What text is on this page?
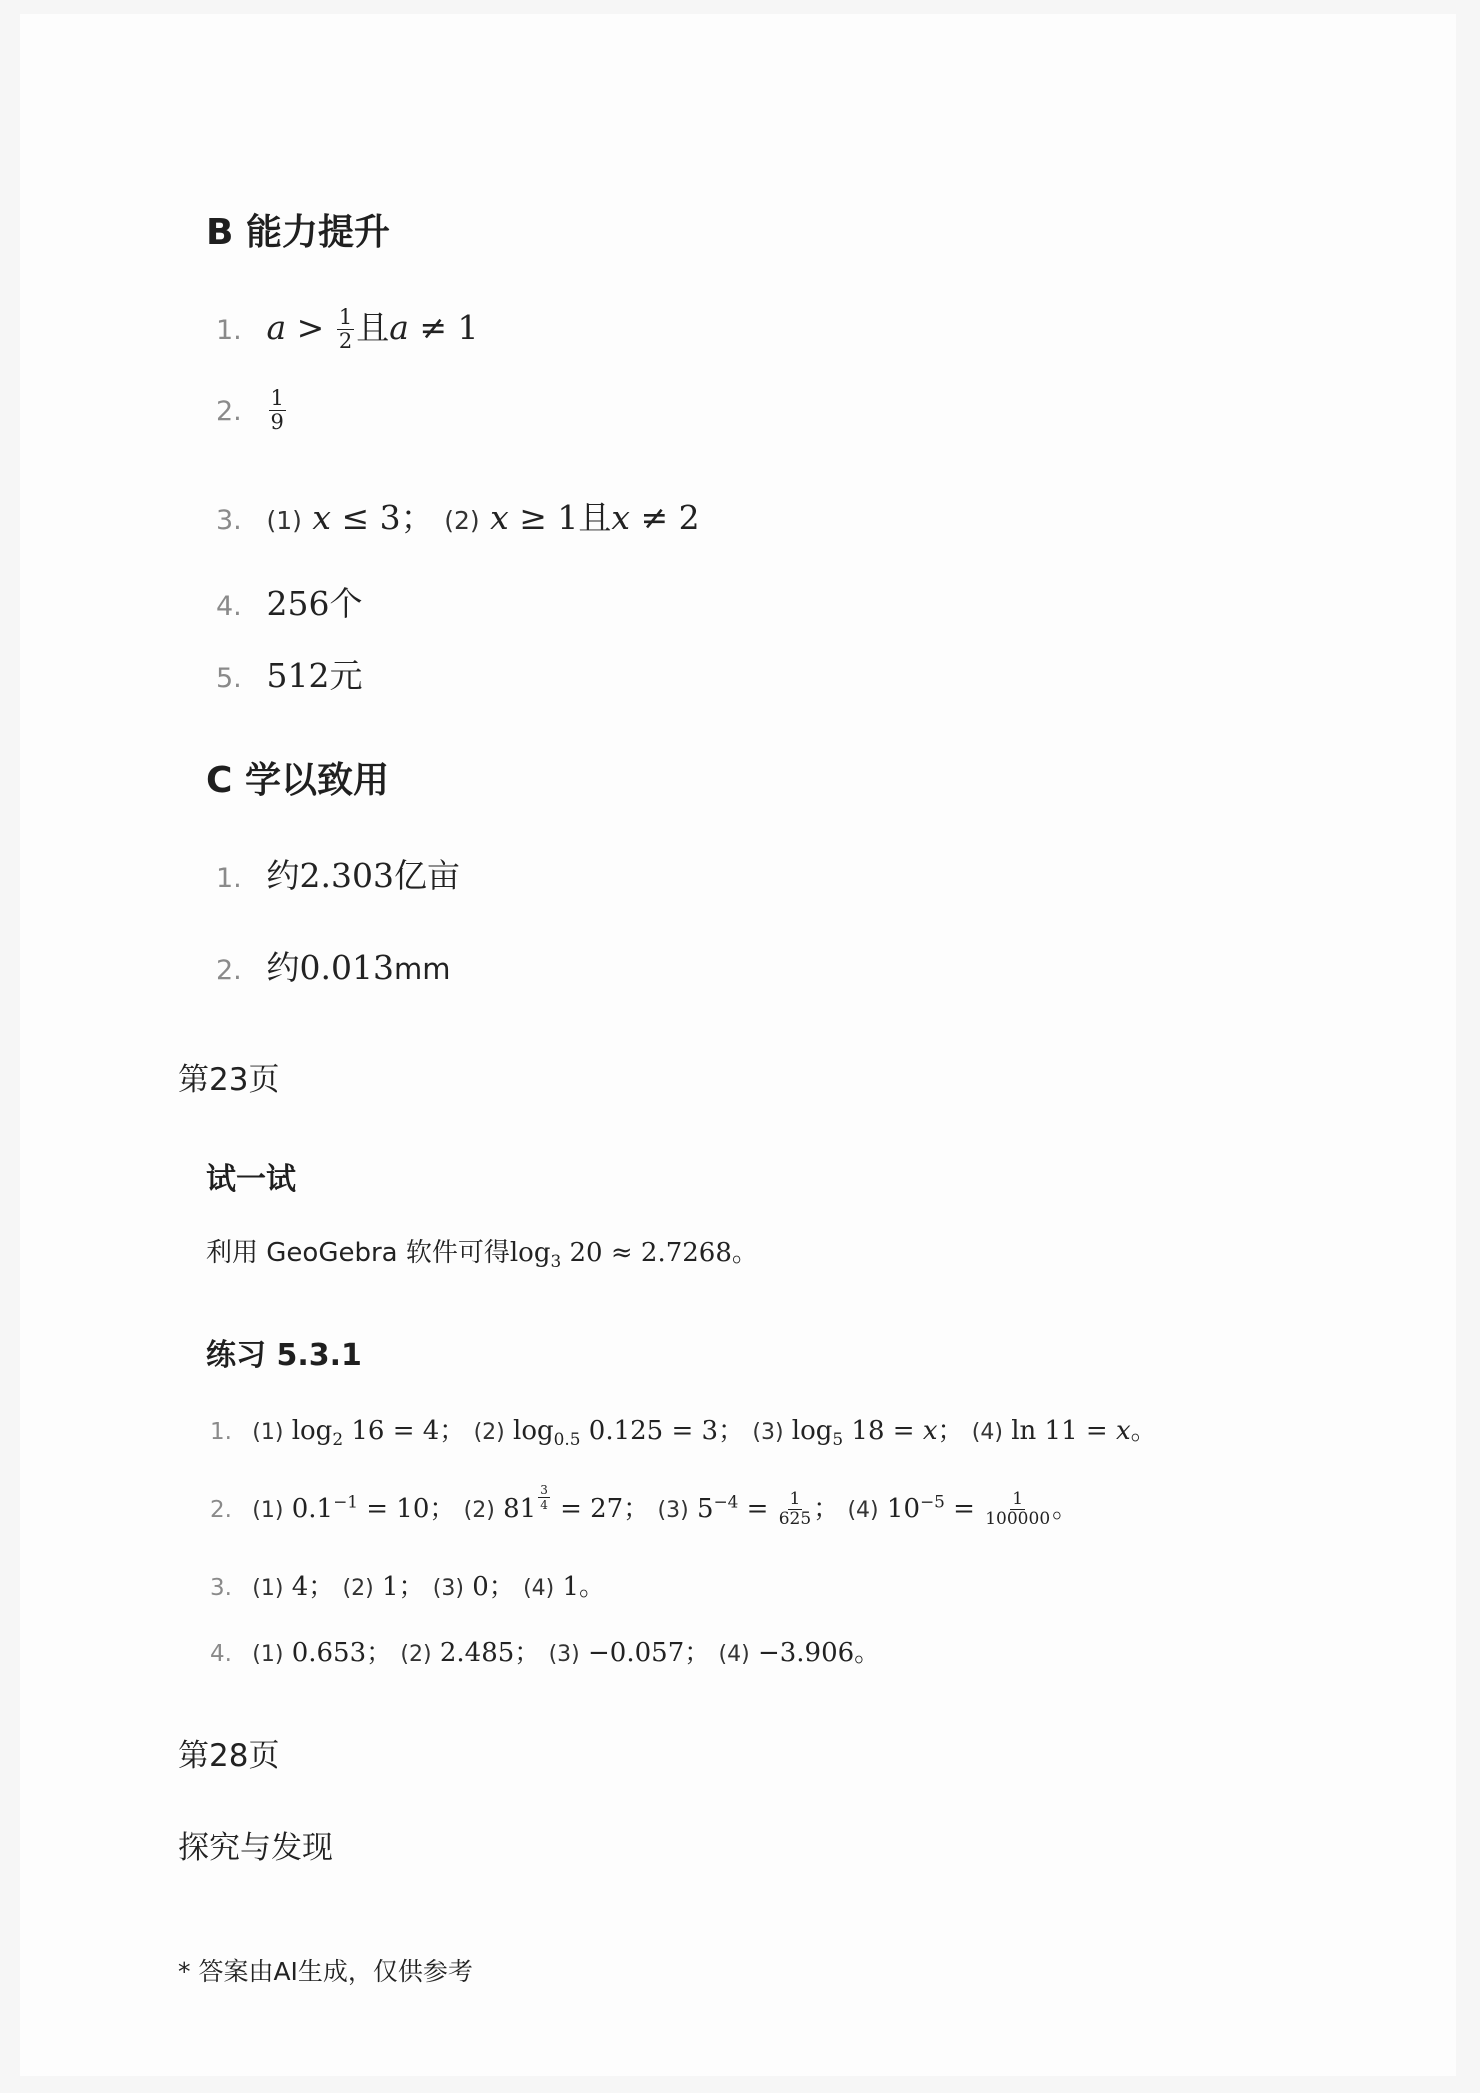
B 能力提升
1. $a > \frac{1}{2}$ 且a ≠ 1
2. $\frac{1}{9}$
3. (1) x ≤ 3； (2) x ≥ 1且x ≠ 2
4. 256个
5. 512元
C 学以致用
1. 约2.303亿亩
2. 约0.013mm
第23页
试一试
利用 GeoGebra 软件可得$\log_3 20 \approx 2.7268$。
练习 5.3.1
1. (1) $\log_2 16 = 4$； (2) $\log_{0.5} 0.125 = 3$； (3) $\log_5 18 = x$； (4) ln 11 = x。
2. (1) $0.1^{-1} = 10$； (2) $81 \frac{3}{4} = 27$； (3) $5^{-4} = \frac{1}{625}$ ； (4) $10^{-5} = \frac{1}{100000}$ 。
3. (1) 4； (2) 1； (3) 0； (4) 1。
4. (1) 0.653； (2) 2.485； (3) −0.057； (4) −3.906。
第28页
探究与发现
* 答案由AI生成，仅供参考
